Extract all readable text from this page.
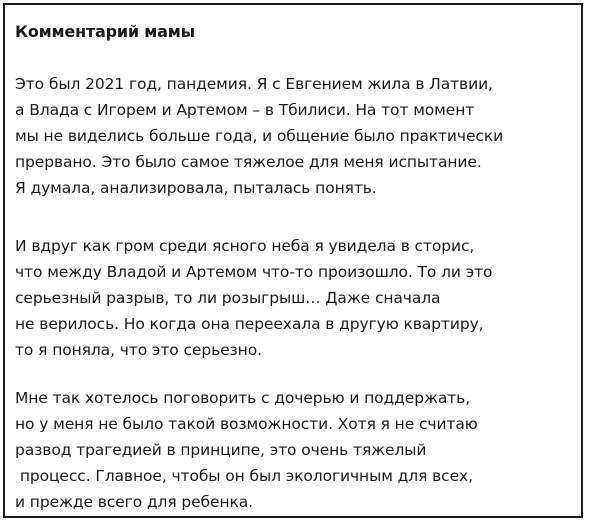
Комментарий мамы

Это был 2021 год, пандемия. Я с Евгением жила в Латвии,
а Влада с Игорем и Артемом – в Тбилиси. На тот момент
мы не виделись больше года, и общение было практически
прервано. Это было самое тяжелое для меня испытание.
Я думала, анализировала, пыталась понять.

И вдруг как гром среди ясного неба я увидела в сторис,
что между Владой и Артемом что-то произошло. То ли это
серьезный разрыв, то ли розыгрыш… Даже сначала
не верилось. Но когда она переехала в другую квартиру,
то я поняла, что это серьезно.

Мне так хотелось поговорить с дочерью и поддержать,
но у меня не было такой возможности. Хотя я не считаю
развод трагедией в принципе, это очень тяжелый
процесс. Главное, чтобы он был экологичным для всех,
и прежде всего для ребенка.
